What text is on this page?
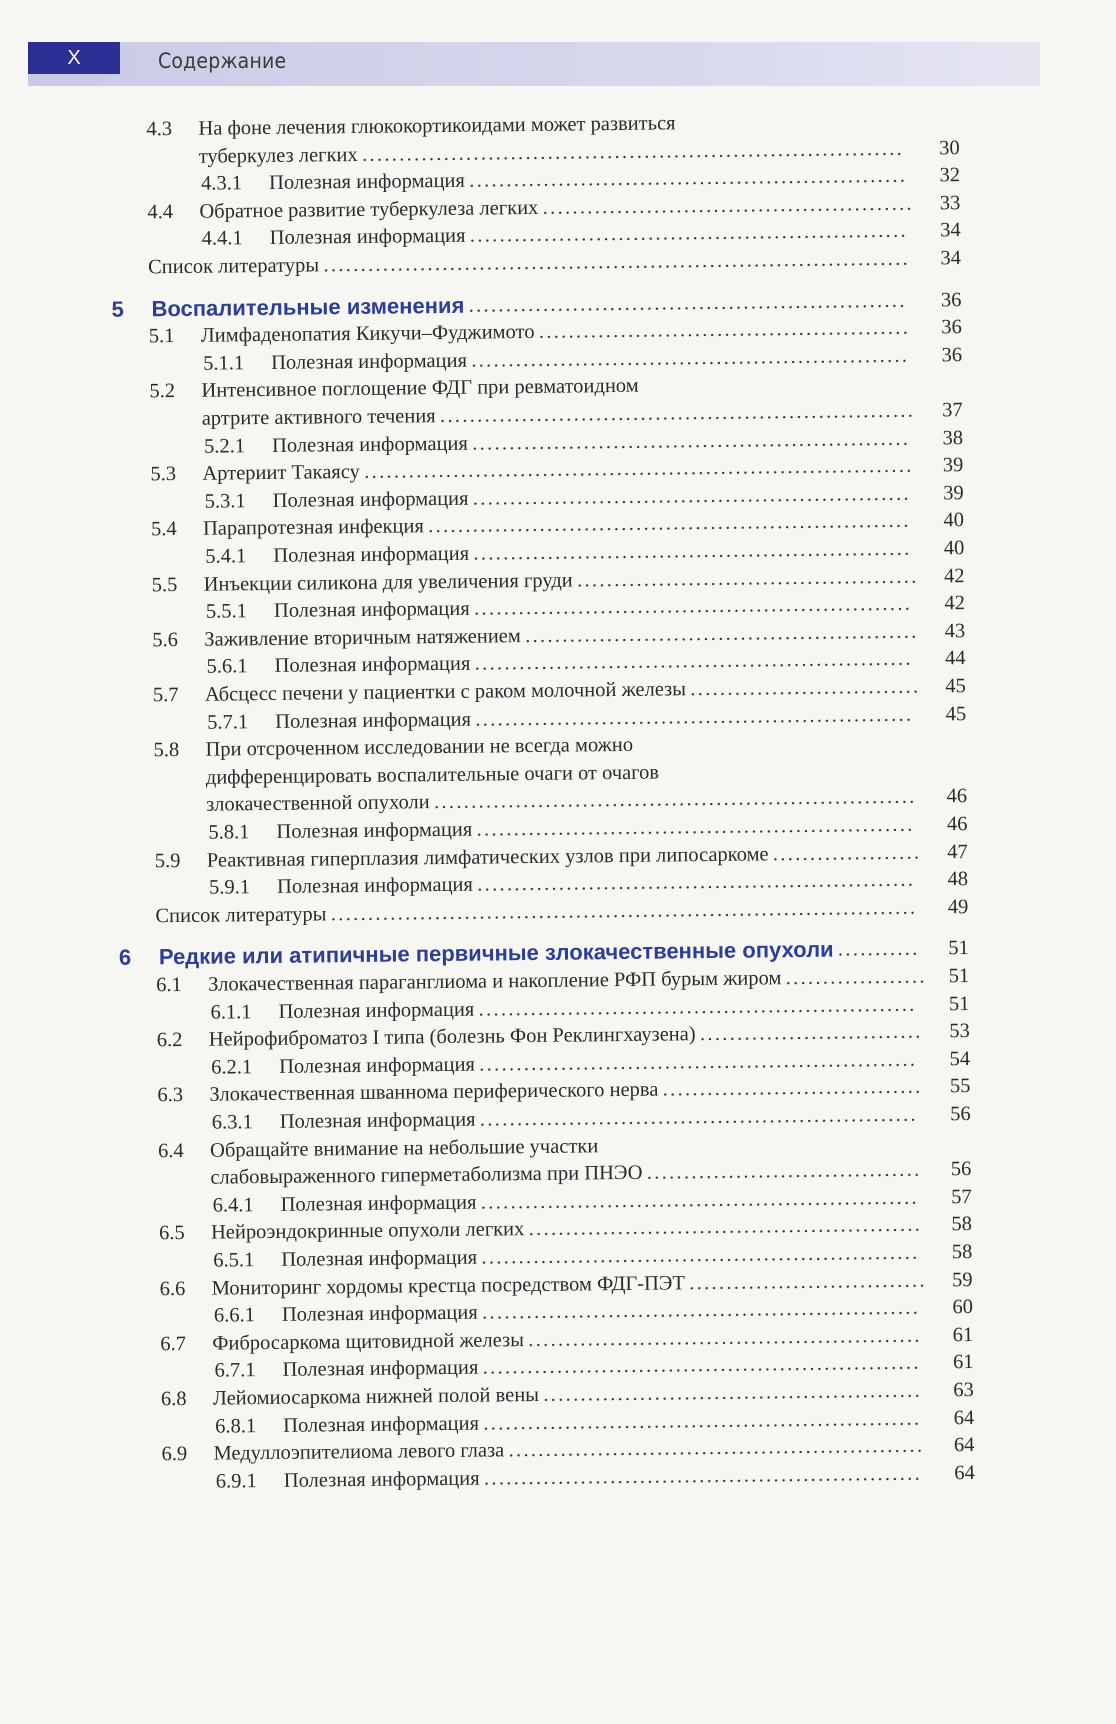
X	Содержание
4.3 На фоне лечения глюкокортикоидами может развиться
туберкулез легких .........................................................................	30
4.3.1 Полезная информация ...........................................................	32
4.4 Обратное развитие туберкулеза легких ..................................................	33
4.4.1 Полезная информация ...........................................................	34
Список литературы ...............................................................................	34
5 Воспалительные изменения ...........................................................	36
5.1 Лимфаденопатия Кикучи–Фуджимото ..................................................	36
5.1.1 Полезная информация ...........................................................	36
5.2 Интенсивное поглощение ФДГ при ревматоидном
артрите активного течения ................................................................	37
5.2.1 Полезная информация ...........................................................	38
5.3 Артериит Такаясу ..........................................................................	39
5.3.1 Полезная информация ...........................................................	39
5.4 Парапротезная инфекция .................................................................	40
5.4.1 Полезная информация ...........................................................	40
5.5 Инъекции силикона для увеличения груди ..............................................	42
5.5.1 Полезная информация ...........................................................	42
5.6 Заживление вторичным натяжением .....................................................	43
5.6.1 Полезная информация ...........................................................	44
5.7 Абсцесс печени у пациентки с раком молочной железы ...............................	45
5.7.1 Полезная информация ...........................................................	45
5.8 При отсроченном исследовании не всегда можно
дифференцировать воспалительные очаги от очагов
злокачественной опухоли .................................................................	46
5.8.1 Полезная информация ...........................................................	46
5.9 Реактивная гиперплазия лимфатических узлов при липосаркоме ....................	47
5.9.1 Полезная информация ...........................................................	48
Список литературы ...............................................................................	49
6 Редкие или атипичные первичные злокачественные опухоли ...........	51
6.1 Злокачественная параганглиома и накопление РФП бурым жиром ...................	51
6.1.1 Полезная информация ...........................................................	51
6.2 Нейрофиброматоз I типа (болезнь Фон Реклингхаузена) ..............................	53
6.2.1 Полезная информация ...........................................................	54
6.3 Злокачественная шваннома периферического нерва ...................................	55
6.3.1 Полезная информация ...........................................................	56
6.4 Обращайте внимание на небольшие участки
слабовыраженного гиперметаболизма при ПНЭО .....................................	56
6.4.1 Полезная информация ...........................................................	57
6.5 Нейроэндокринные опухоли легких .....................................................	58
6.5.1 Полезная информация ...........................................................	58
6.6 Мониторинг хордомы крестца посредством ФДГ-ПЭТ ................................	59
6.6.1 Полезная информация ...........................................................	60
6.7 Фибросаркома щитовидной железы .....................................................	61
6.7.1 Полезная информация ...........................................................	61
6.8 Лейомиосаркома нижней полой вены ...................................................	63
6.8.1 Полезная информация ...........................................................	64
6.9 Медуллоэпителиома левого глаза ........................................................	64
6.9.1 Полезная информация ...........................................................	64
